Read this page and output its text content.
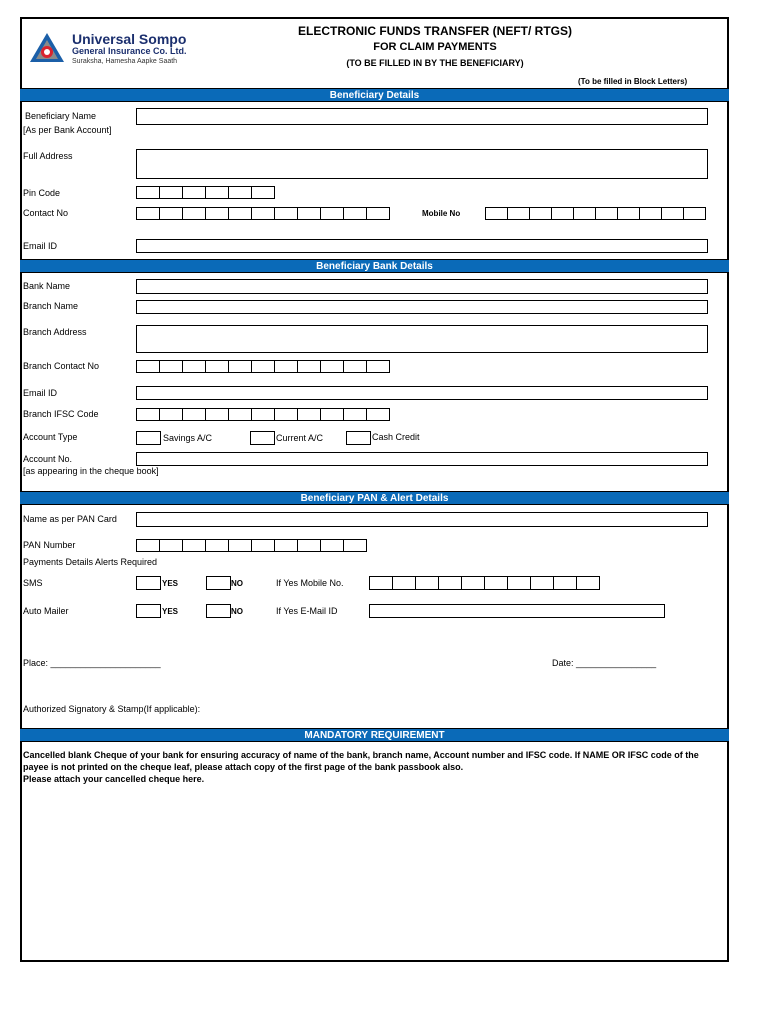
Universal Sompo
General Insurance Co. Ltd.
Suraksha, Hamesha Aapke Saath
ELECTRONIC FUNDS TRANSFER (NEFT/ RTGS)
FOR CLAIM PAYMENTS
(TO BE FILLED IN BY THE BENEFICIARY)
(To be filled in Block Letters)
Beneficiary Details
Beneficiary Name
[As per Bank Account]
Full Address
Pin Code
Contact No	Mobile No
Email ID
Beneficiary Bank Details
Bank Name
Branch Name
Branch Address
Branch Contact No
Email ID
Branch IFSC Code
Account Type	Savings A/C	Current A/C	Cash Credit
Account No.
[as appearing in the cheque book]
Beneficiary PAN & Alert Details
Name as per PAN Card
PAN Number
Payments Details Alerts Required
SMS	YES	NO	If Yes Mobile No.
Auto Mailer	YES	NO	If Yes E-Mail ID
Place: ______________________	Date: ________________
Authorized Signatory & Stamp(If applicable):
MANDATORY REQUIREMENT
Cancelled blank Cheque of your bank for ensuring accuracy of name of the bank, branch name, Account number and IFSC code. If NAME OR IFSC code of the payee is not printed on the cheque leaf, please attach copy of the first page of the bank passbook also.
Please attach your cancelled cheque here.
